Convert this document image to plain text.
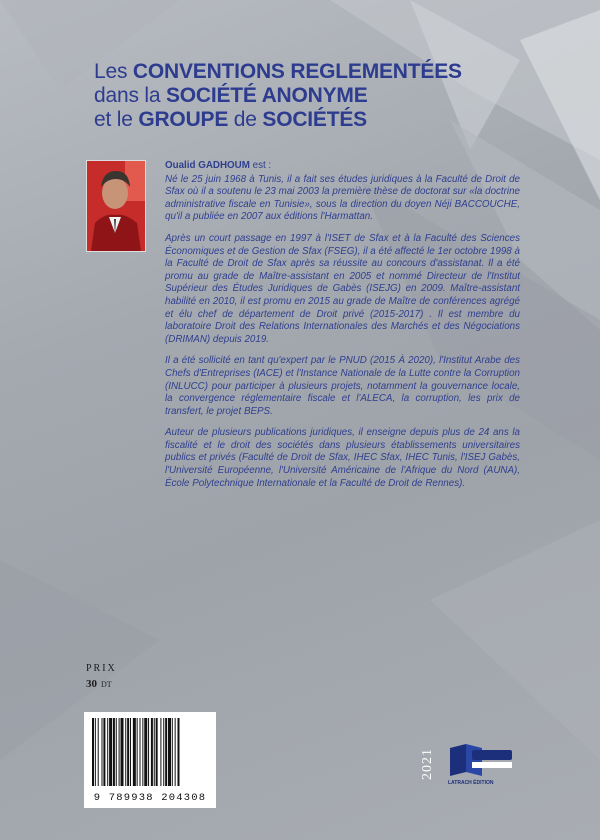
Les CONVENTIONS REGLEMENTÉES
dans la SOCIÉTÉ ANONYME
et le GROUPE de SOCIÉTÉS
Oualid GADHOUM est :

Né le 25 juin 1968 à Tunis, il a fait ses études juridiques à la Faculté de Droit de Sfax où il a soutenu le 23 mai 2003 la première thèse de doctorat sur «la doctrine administrative fiscale en Tunisie», sous la direction du doyen Néji BACCOUCHE, qu'il a publiée en 2007 aux éditions l'Harmattan.

Après un court passage en 1997 à l'ISET de Sfax et à la Faculté des Sciences Économiques et de Gestion de Sfax (FSEG), il a été affecté le 1er octobre 1998 à la Faculté de Droit de Sfax après sa réussite au concours d'assistanat. Il a été promu au grade de Maître-assistant en 2005 et nommé Directeur de l'Institut Supérieur des Études Juridiques de Gabès (ISEJG) en 2009. Maître-assistant habilité en 2010, il est promu en 2015 au grade de Maître de conférences agrégé et élu chef de département de Droit privé (2015-2017) . Il est membre du laboratoire Droit des Relations Internationales des Marchés et des Négociations (DRIMAN) depuis 2019.

Il a été sollicité en tant qu'expert par le PNUD (2015 À 2020), l'Institut Arabe des Chefs d'Entreprises (IACE) et l'Instance Nationale de la Lutte contre la Corruption (INLUCC) pour participer à plusieurs projets, notamment la gouvernance locale, la convergence réglementaire fiscale et l'ALECA, la corruption, les prix de transfert, le projet BEPS.

Auteur de plusieurs publications juridiques, il enseigne depuis plus de 24 ans la fiscalité et le droit des sociétés dans plusieurs établissements universitaires publics et privés (Faculté de Droit de Sfax, IHEC Sfax, IHEC Tunis, l'ISEJ Gabès, l'Université Européenne, l'Université Américaine de l'Afrique du Nord (AUNA), École Polytechnique Internationale et la Faculté de Droit de Rennes).

PRIX
30 DT
9 789938 204308
2021
LATRACH ÉDITION
